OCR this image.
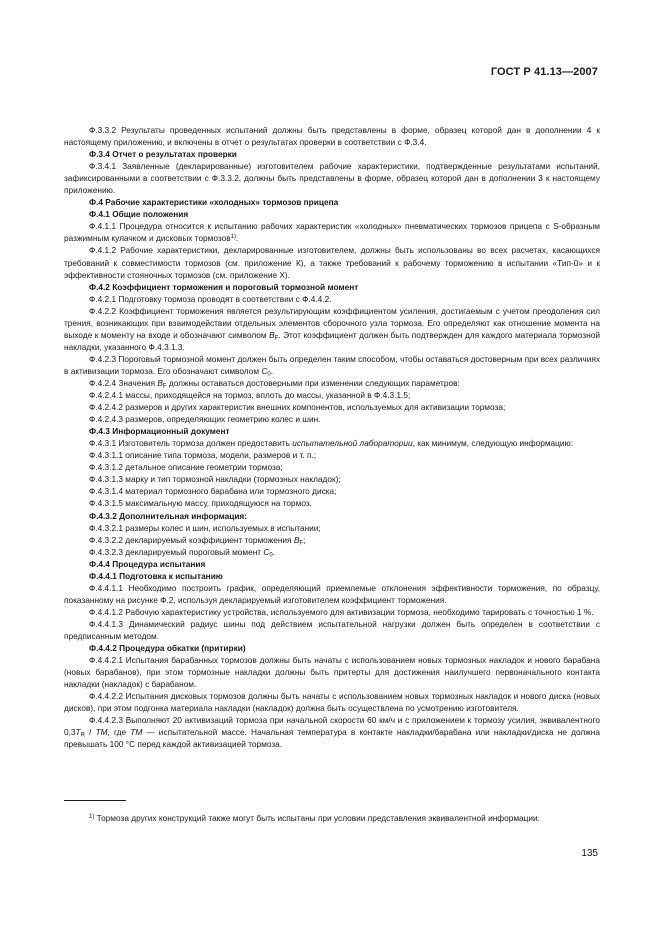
ГОСТ Р 41.13—2007

Ф.3.3.2 Результаты проведенных испытаний должны быть представлены в форме, образец которой дан в дополнении 4 к настоящему приложению, и включены в отчет о результатах проверки в соответствии с Ф.3.4.

Ф.3.4 Отчет о результатах проверки

Ф.3.4.1 Заявленные (декларированные) изготовителем рабочие характеристики, подтвержденные результатами испытаний, зафиксированными в соответствии с Ф.3.3.2, должны быть представлены в форме, образец которой дан в дополнении 3 к настоящему приложению.

Ф.4 Рабочие характеристики «холодных» тормозов прицепа

Ф.4.1 Общие положения

Ф.4.1.1 Процедура относится к испытанию рабочих характеристик «холодных» пневматических тормозов прицепа с S-образным разжимным кулачком и дисковых тормозов$^{1)}$.

Ф.4.1.2 Рабочие характеристики, декларированные изготовителем, должны быть использованы во всех расчетах, касающихся требований к совместимости тормозов (см. приложение К), а также требований к рабочему торможению в испытании «Тип-0» и к эффективности стояночных тормозов (см. приложение Х).

Ф.4.2 Коэффициент торможения и пороговый тормозной момент

Ф.4.2.1 Подготовку тормоза проводят в соответствии с Ф.4.4.2.

Ф.4.2.2 Коэффициент торможения является результирующим коэффициентом усиления, достигаемым с учетом преодоления сил трения, возникающих при взаимодействии отдельных элементов сборочного узла тормоза. Его определяют как отношение момента на выходе к моменту на входе и обозначают символом $B_F$. Этот коэффициент должен быть подтвержден для каждого материала тормозной накладки, указанного Ф.4.3.1.3.

Ф.4.2.3 Пороговый тормозной момент должен быть определен таким способом, чтобы оставаться достоверным при всех различиях в активизации тормоза. Его обозначают символом $C_0$.

Ф.4.2.4 Значения $B_F$ должны оставаться достоверными при изменении следующих параметров:

Ф.4.2.4.1 массы, приходящейся на тормоз, вплоть до массы, указанной в Ф.4.3.1.5;

Ф.4.2.4.2 размеров и других характеристик внешних компонентов, используемых для активизации тормоза;

Ф.4.2.4.3 размеров, определяющих геометрию колес и шин.

Ф.4.3 Информационный документ

Ф.4.3.1 Изготовитель тормоза должен предоставить испытательной лаборатории, как минимум, следующую информацию:

Ф.4.3.1.1 описание типа тормоза, модели, размеров и т. п.;

Ф.4.3.1.2 детальное описание геометрии тормоза;

Ф.4.3.1.3 марку и тип тормозной накладки (тормозных накладок);

Ф.4.3.1.4 материал тормозного барабана или тормозного диска;

Ф.4.3.1.5 максимальную массу, приходящуюся на тормоз.

Ф.4.3.2 Дополнительная информация:

Ф.4.3.2.1 размеры колес и шин, используемых в испытании;

Ф.4.3.2.2 декларируемый коэффициент торможения $B_F$;

Ф.4.3.2.3 декларируемый пороговый момент $C_0$.

Ф.4.4 Процедура испытания

Ф.4.4.1 Подготовка к испытанию

Ф.4.4.1.1 Необходимо построить график, определяющий приемлемые отклонения эффективности торможения, по образцу, показанному на рисунке Ф.2, используя декларируемый изготовителем коэффициент торможения.

Ф.4.4.1.2 Рабочую характеристику устройства, используемого для активизации тормоза, необходимо тарировать с точностью 1 %.

Ф.4.4.1.3 Динамический радиус шины под действием испытательной нагрузки должен быть определен в соответствии с предписанным методом.

Ф.4.4.2 Процедура обкатки (притирки)

Ф.4.4.2.1 Испытания барабанных тормозов должны быть начаты с использованием новых тормозных накладок и нового барабана (новых барабанов), при этом тормозные накладки должны быть притерты для достижения наилучшего первоначального контакта накладки (накладок) с барабаном.

Ф.4.4.2.2 Испытания дисковых тормозов должны быть начаты с использованием новых тормозных накладок и нового диска (новых дисков), при этом подгонка материала накладки (накладок) должна быть осуществлена по усмотрению изготовителя.

Ф.4.4.2.3 Выполняют 20 активизаций тормоза при начальной скорости 60 км/ч и с приложением к тормозу усилия, эквивалентного $0,3T_R$ / TM, где TM — испытательной массе. Начальная температура в контакте накладки/барабана или накладки/диска не должна превышать 100 °С перед каждой активизацией тормоза.

$^{1)}$ Тормоза других конструкций также могут быть испытаны при условии представления эквивалентной информации.
135
